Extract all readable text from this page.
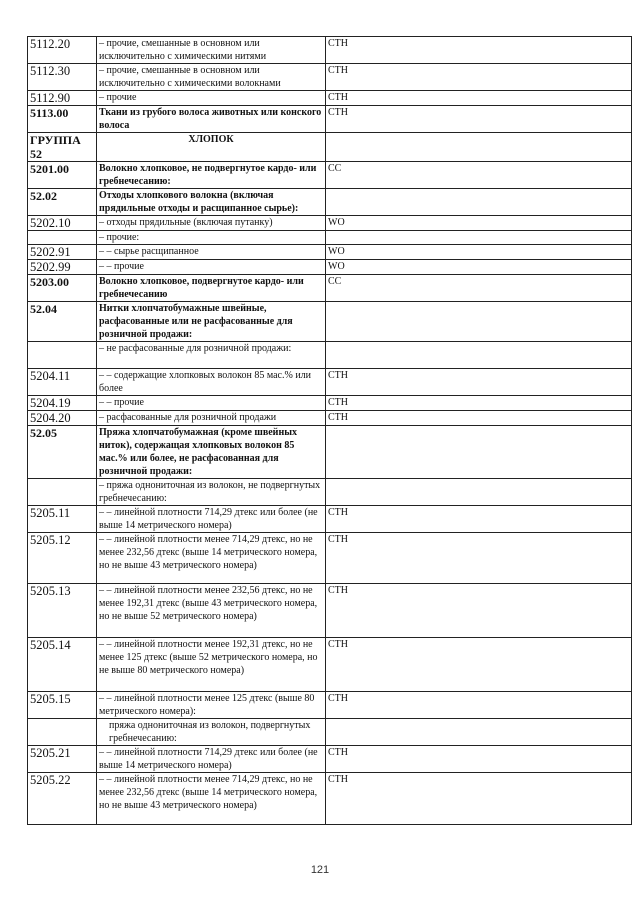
5112.20	– прочие, смешанные в основном или исключительно с химическими нитями	СТН
5112.30	– прочие, смешанные в основном или исключительно с химическими волокнами	СТН
5112.90	– прочие	СТН
5113.00	Ткани из грубого волоса животных или конского волоса	СТН
ГРУППА 52	ХЛОПОК	
5201.00	Волокно хлопковое, не подвергнутое кардо- или гребнечесанию:	СС
52.02	Отходы хлопкового волокна (включая прядильные отходы и расщипанное сырье):	
5202.10	– отходы прядильные (включая путанку)	WO
	– прочие:	
5202.91	– – сырье расщипанное	WO
5202.99	– – прочие	WO
5203.00	Волокно хлопковое, подвергнутое кардо- или гребнечесанию	СС
52.04	Нитки хлопчатобумажные швейные, расфасованные или не расфасованные для розничной продажи:	
	– не расфасованные для розничной продажи:	
5204.11	– – содержащие хлопковых волокон 85 мас.% или более	СТН
5204.19	– – прочие	СТН
5204.20	– расфасованные для розничной продажи	СТН
52.05	Пряжа хлопчатобумажная (кроме швейных ниток), содержащая хлопковых волокон 85 мас.% или более, не расфасованная для розничной продажи:	
	– пряжа однониточная из волокон, не подвергнутых гребнечесанию:	
5205.11	– – линейной плотности 714,29 дтекс или более (не выше 14 метрического номера)	СТН
5205.12	– – линейной плотности менее 714,29 дтекс, но не менее 232,56 дтекс (выше 14 метрического номера, но не выше 43 метрического номера)	СТН
5205.13	– – линейной плотности менее 232,56 дтекс, но не менее 192,31 дтекс (выше 43 метрического номера, но не выше 52 метрического номера)	СТН
5205.14	– – линейной плотности менее 192,31 дтекс, но не менее 125 дтекс (выше 52 метрического номера, но не выше 80 метрического номера)	СТН
5205.15	– – линейной плотности менее 125 дтекс (выше 80 метрического номера):	СТН
	пряжа однониточная из волокон, подвергнутых гребнечесанию:	
5205.21	– – линейной плотности 714,29 дтекс или более (не выше 14 метрического номера)	СТН
5205.22	– – линейной плотности менее 714,29 дтекс, но не менее 232,56 дтекс (выше 14 метрического номера, но не выше 43 метрического номера)	СТН
121
